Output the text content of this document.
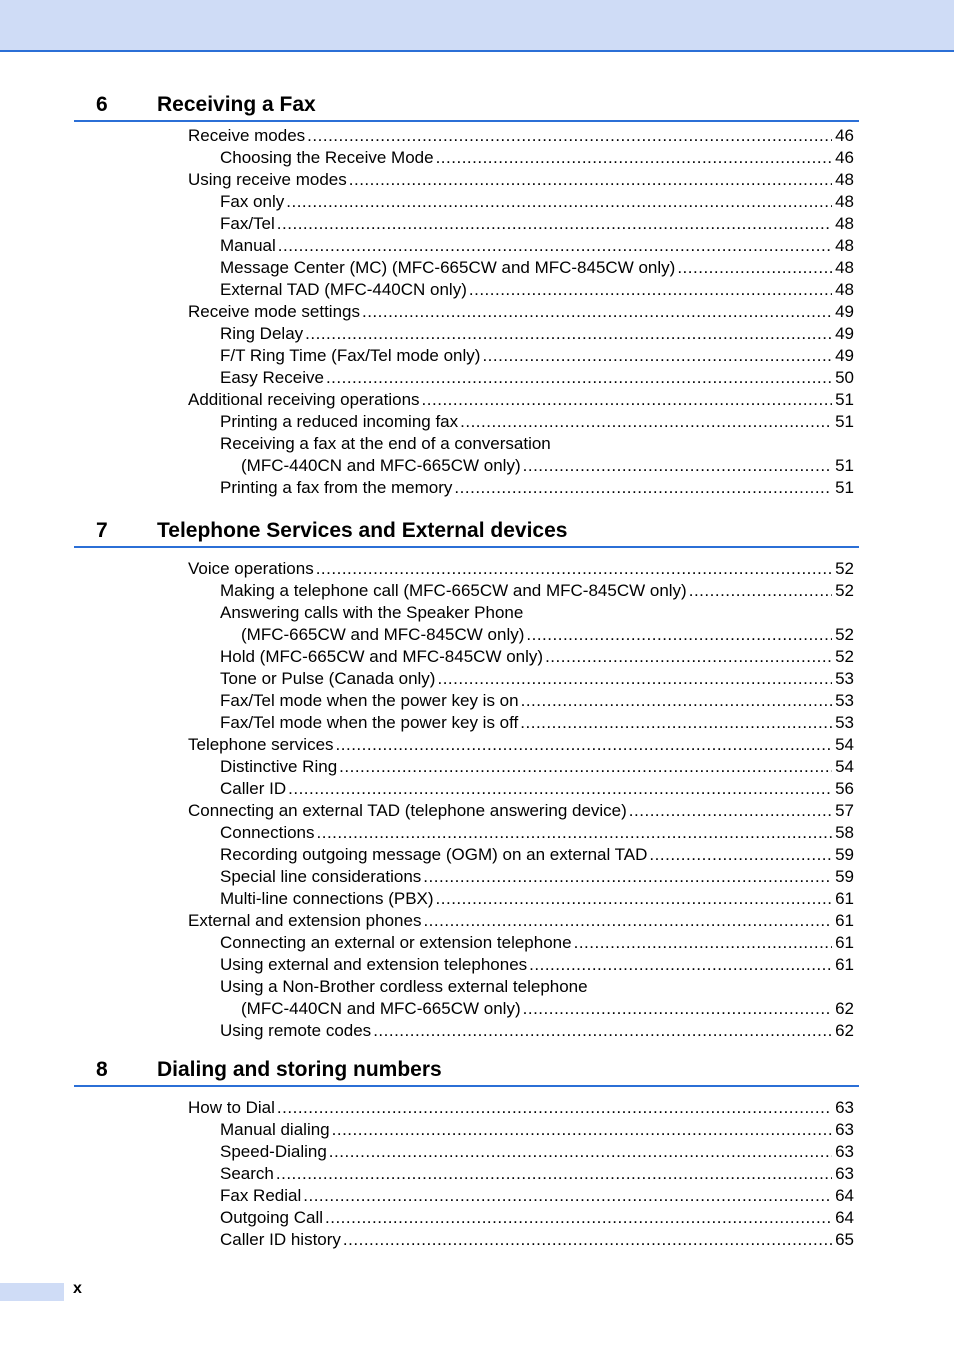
6 Receiving a Fax
Receive modes .....	46
Choosing the Receive Mode .....	46
Using receive modes .....	48
Fax only .....	48
Fax/Tel .....	48
Manual .....	48
Message Center (MC) (MFC-665CW and MFC-845CW only) .....	48
External TAD (MFC-440CN only) .....	48
Receive mode settings .....	49
Ring Delay .....	49
F/T Ring Time (Fax/Tel mode only) .....	49
Easy Receive .....	50
Additional receiving operations .....	51
Printing a reduced incoming fax .....	51
Receiving a fax at the end of a conversation
(MFC-440CN and MFC-665CW only) .....	51
Printing a fax from the memory .....	51
7 Telephone Services and External devices
Voice operations .....	52
Making a telephone call (MFC-665CW and MFC-845CW only) .....	52
Answering calls with the Speaker Phone
(MFC-665CW and MFC-845CW only) .....	52
Hold (MFC-665CW and MFC-845CW only) .....	52
Tone or Pulse (Canada only) .....	53
Fax/Tel mode when the power key is on .....	53
Fax/Tel mode when the power key is off .....	53
Telephone services .....	54
Distinctive Ring .....	54
Caller ID .....	56
Connecting an external TAD (telephone answering device) .....	57
Connections .....	58
Recording outgoing message (OGM) on an external TAD .....	59
Special line considerations .....	59
Multi-line connections (PBX) .....	61
External and extension phones .....	61
Connecting an external or extension telephone .....	61
Using external and extension telephones .....	61
Using a Non-Brother cordless external telephone
(MFC-440CN and MFC-665CW only) .....	62
Using remote codes .....	62
8 Dialing and storing numbers
How to Dial .....	63
Manual dialing .....	63
Speed-Dialing .....	63
Search .....	63
Fax Redial .....	64
Outgoing Call .....	64
Caller ID history .....	65
x
